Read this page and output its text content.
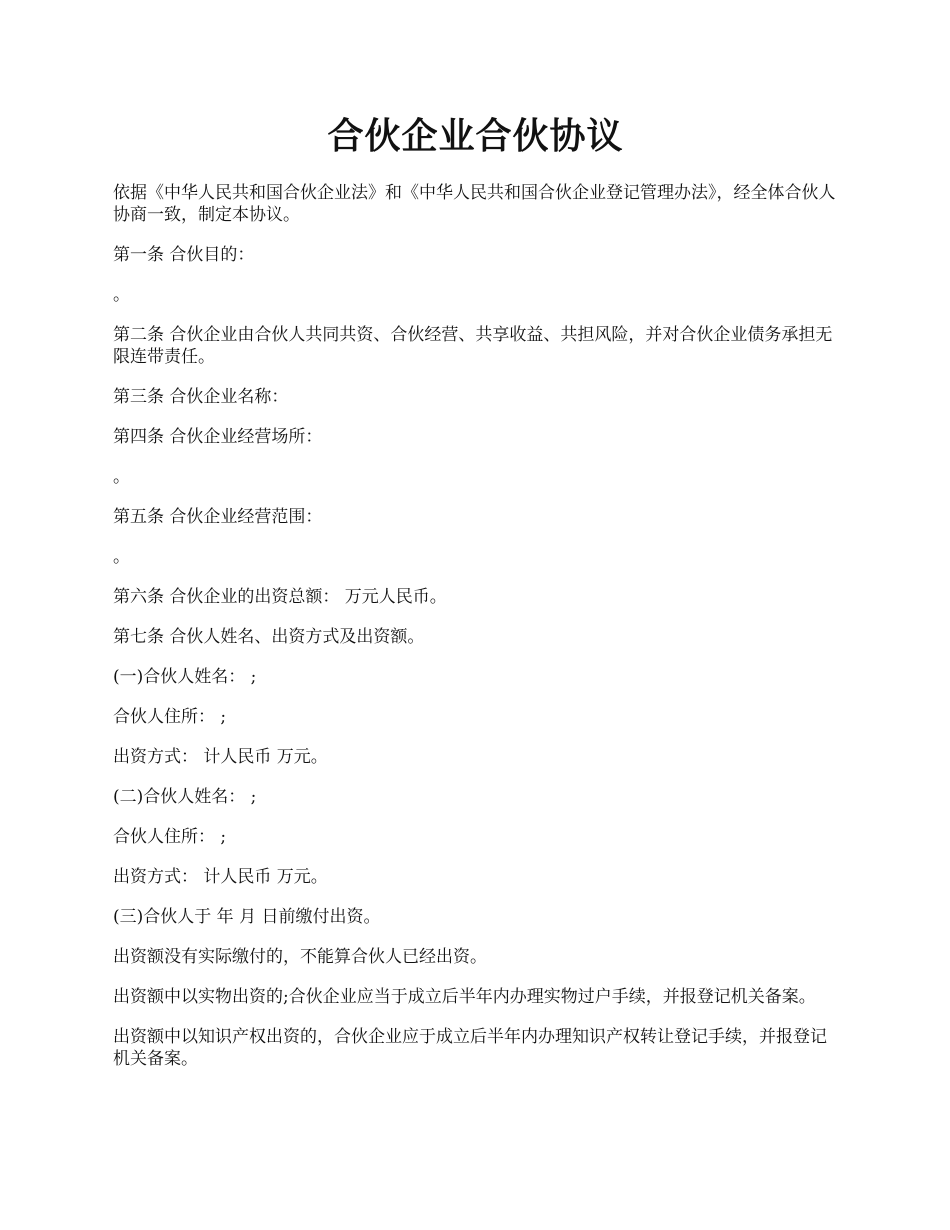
合伙企业合伙协议

依据《中华人民共和国合伙企业法》和《中华人民共和国合伙企业登记管理办法》，经全体合伙人协商一致，制定本协议。

第一条 合伙目的：

。

第二条 合伙企业由合伙人共同共资、合伙经营、共享收益、共担风险，并对合伙企业债务承担无限连带责任。

第三条 合伙企业名称：

第四条 合伙企业经营场所：

。

第五条 合伙企业经营范围：

。

第六条 合伙企业的出资总额： 万元人民币。

第七条 合伙人姓名、出资方式及出资额。

(一)合伙人姓名： ;

合伙人住所： ;

出资方式： 计人民币 万元。

(二)合伙人姓名： ;

合伙人住所： ;

出资方式： 计人民币 万元。

(三)合伙人于 年 月 日前缴付出资。

出资额没有实际缴付的，不能算合伙人已经出资。

出资额中以实物出资的;合伙企业应当于成立后半年内办理实物过户手续，并报登记机关备案。

出资额中以知识产权出资的，合伙企业应于成立后半年内办理知识产权转让登记手续，并报登记机关备案。
